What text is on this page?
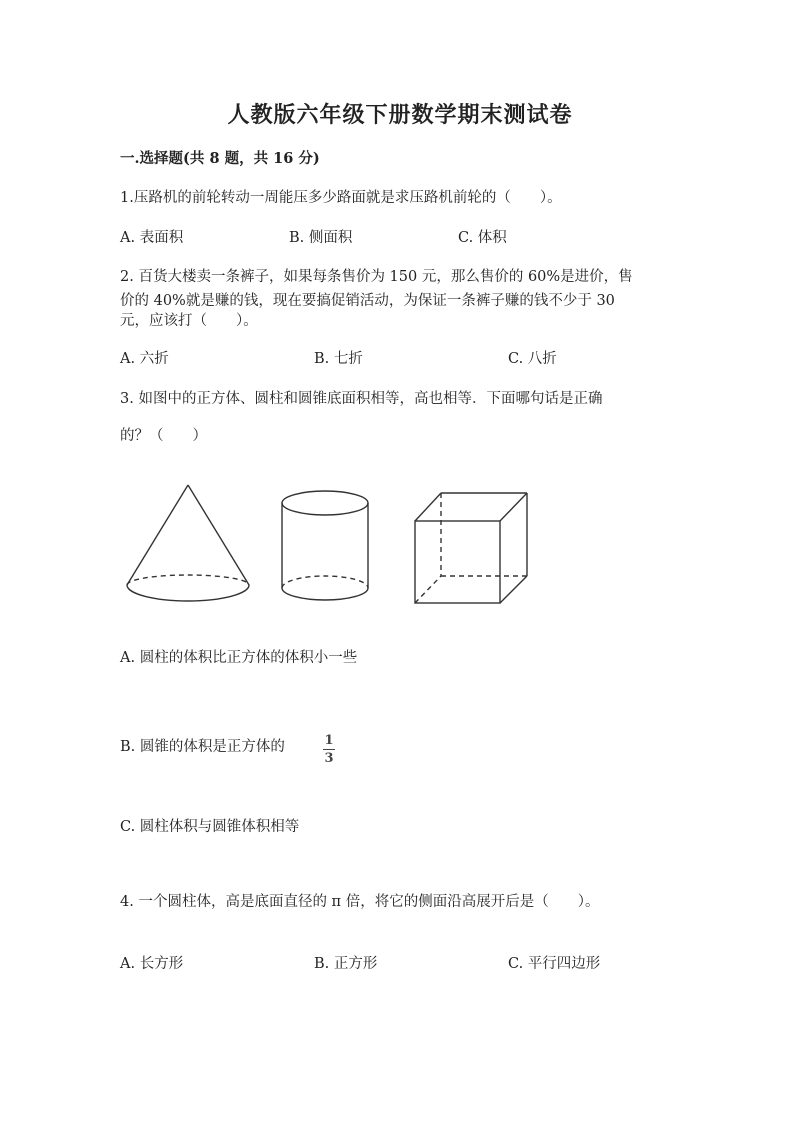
人教版六年级下册数学期末测试卷
一.选择题(共 8 题，共 16 分)
1.压路机的前轮转动一周能压多少路面就是求压路机前轮的（　　）。
A. 表面积	B. 侧面积	C. 体积
2. 百货大楼卖一条裤子，如果每条售价为 150 元，那么售价的 60%是进价，售
价的 40%就是赚的钱，现在要搞促销活动，为保证一条裤子赚的钱不少于 30
元，应该打（　　）。
A. 六折	B. 七折	C. 八折
3. 如图中的正方体、圆柱和圆锥底面积相等，高也相等．下面哪句话是正确
的？（　　）
A. 圆柱的体积比正方体的体积小一些
B. 圆锥的体积是正方体的	1
3
C. 圆柱体积与圆锥体积相等
4. 一个圆柱体，高是底面直径的 π 倍，将它的侧面沿高展开后是（　　）。
A. 长方形	B. 正方形	C. 平行四边形
